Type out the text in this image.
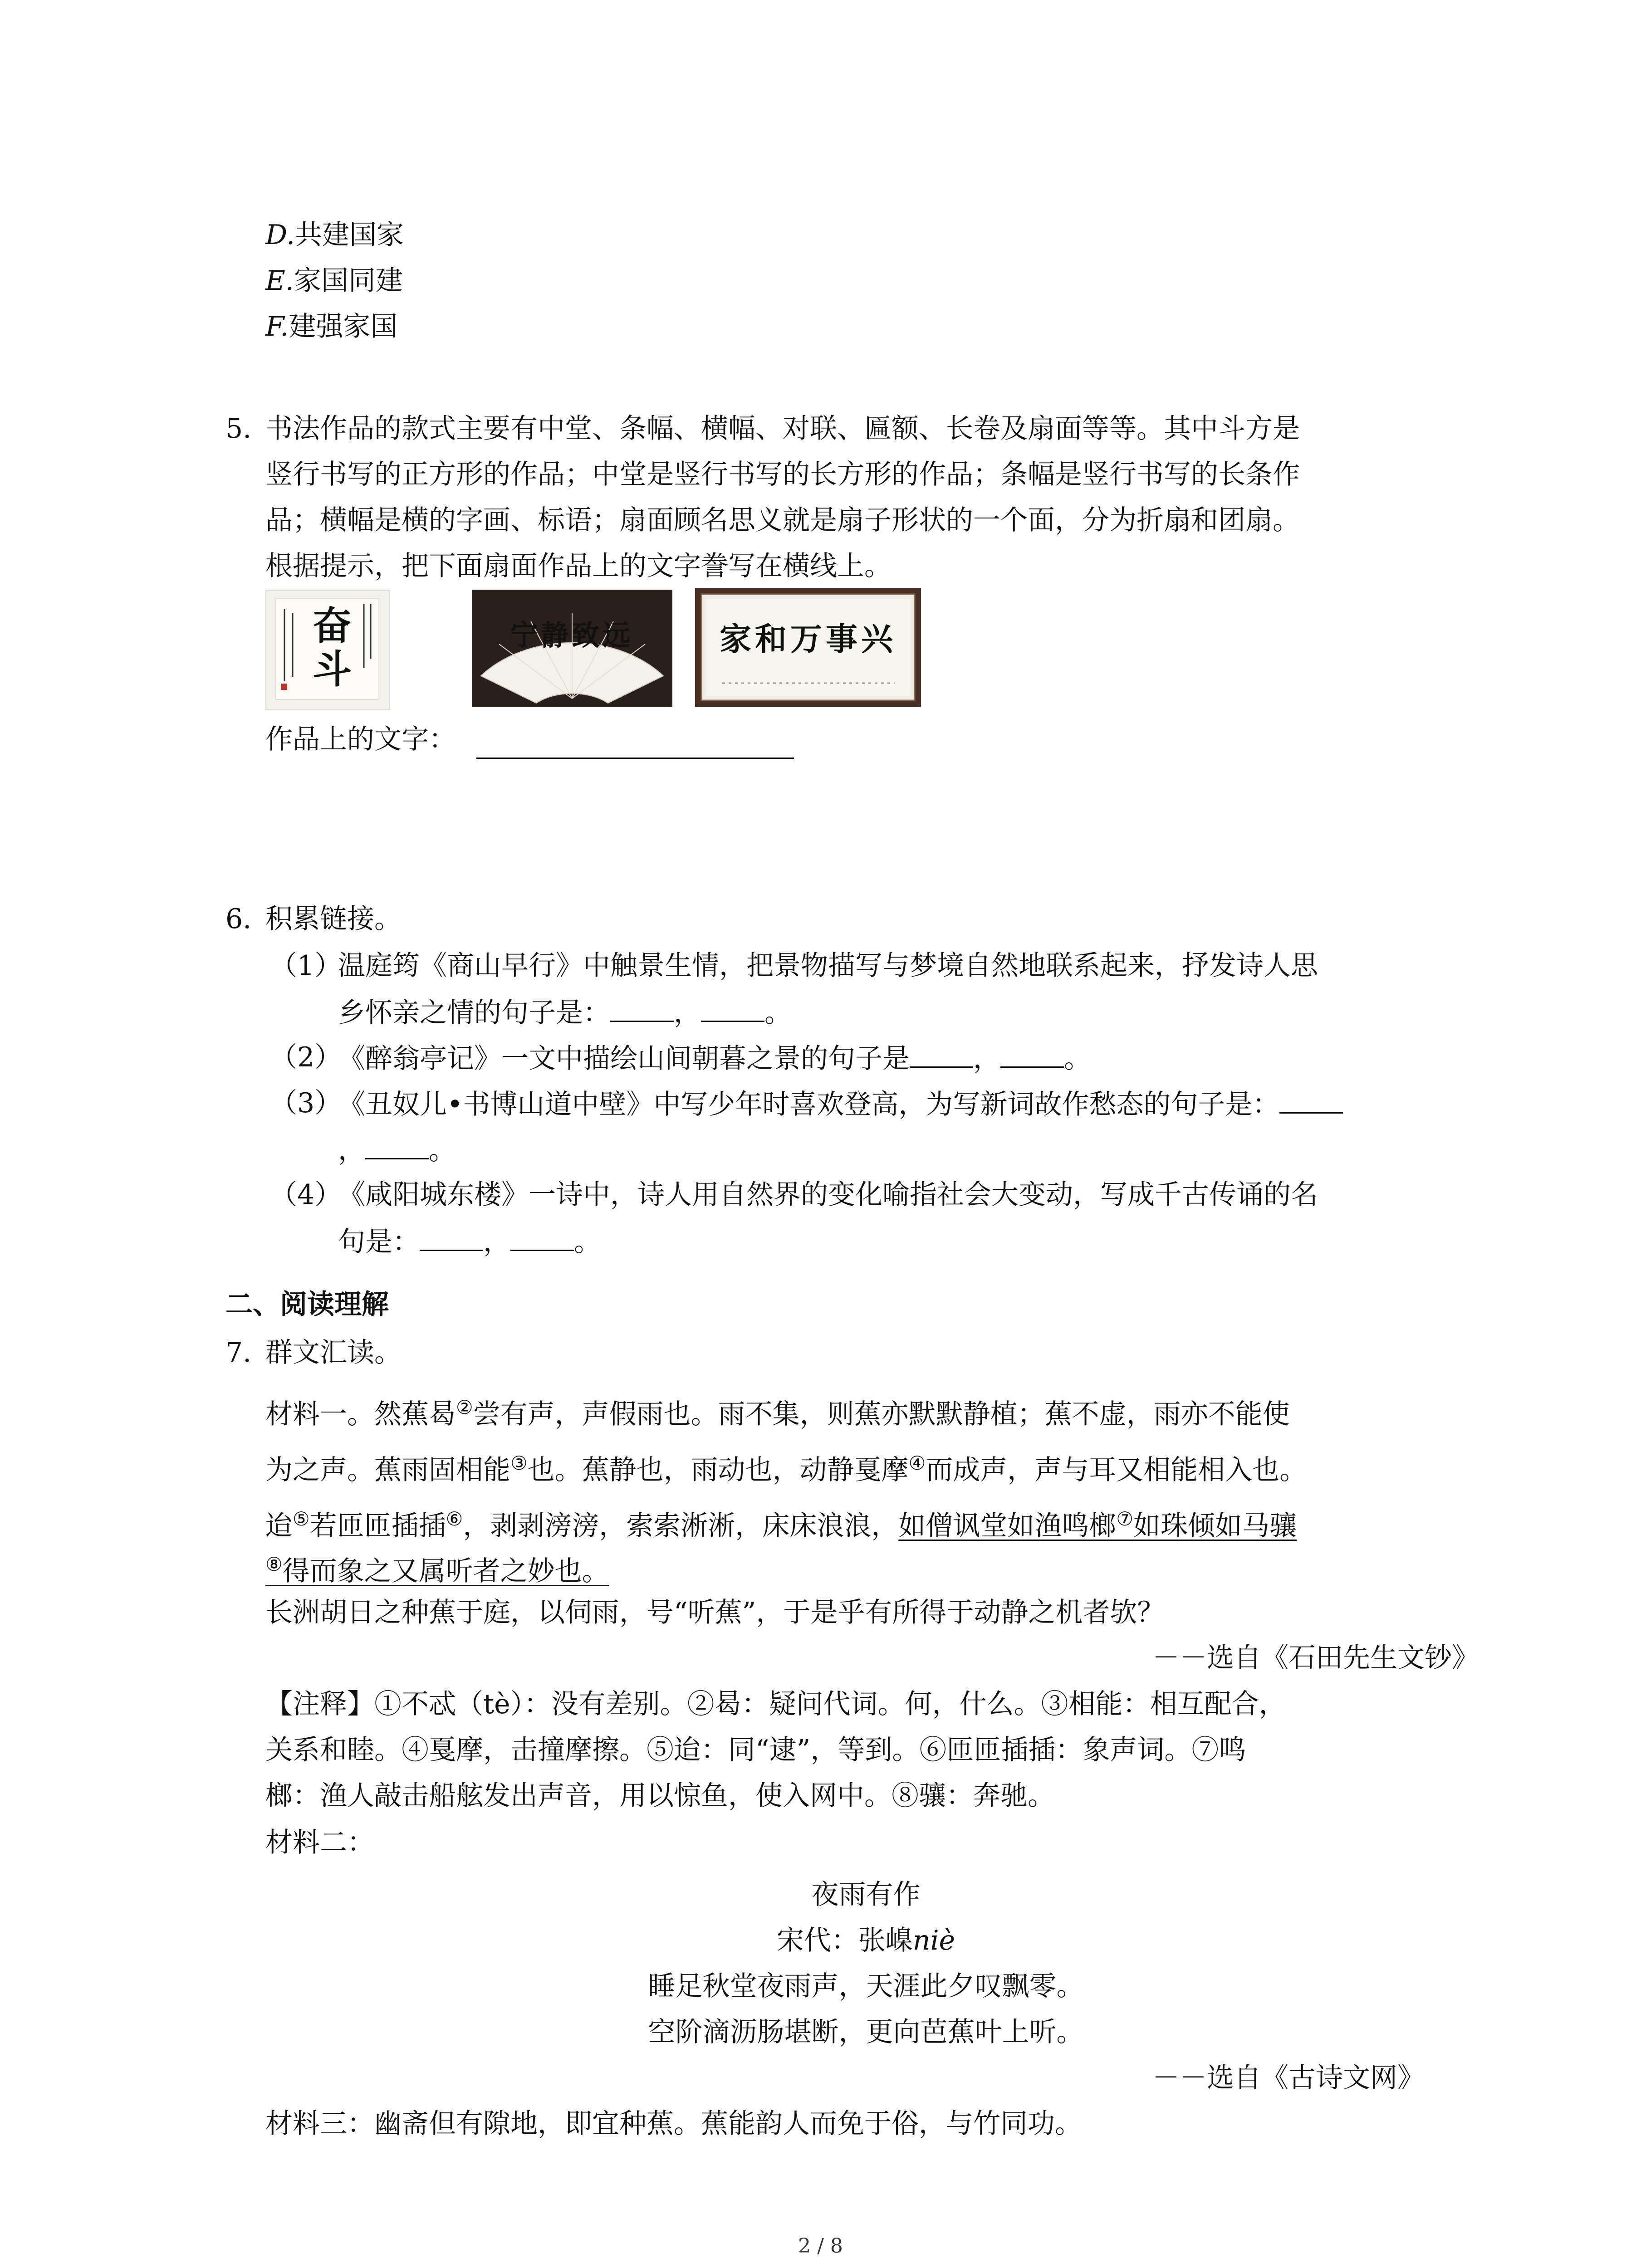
D.共建国家
E.家国同建
F.建强家国
5. 书法作品的款式主要有中堂、条幅、横幅、对联、匾额、长卷及扇面等等。其中斗方是
竖行书写的正方形的作品；中堂是竖行书写的长方形的作品；条幅是竖行书写的长条作
品；横幅是横的字画、标语；扇面顾名思义就是扇子形状的一个面，分为折扇和团扇。
根据提示，把下面扇面作品上的文字誊写在横线上。
奋斗
宁静致远	家和万事兴
作品上的文字：
6. 积累链接。
（1）
温庭筠《商山早行》中触景生情，把景物描写与梦境自然地联系起来，抒发诗人思
乡怀亲之情的句子是： ， 。
（2）
《醉翁亭记》一文中描绘山间朝暮之景的句子是 ， 。
（3）
《丑奴儿•书博山道中壁》中写少年时喜欢登高，为写新词故作愁态的句子是：
， 。
（4）
《咸阳城东楼》一诗中，诗人用自然界的变化喻指社会大变动，写成千古传诵的名
句是： ， 。
二、阅读理解
7. 群文汇读。
材料一。然蕉曷②尝有声，声假雨也。雨不集，则蕉亦默默静植；蕉不虚，雨亦不能使
为之声。蕉雨固相能③也。蕉静也，雨动也，动静戛摩④而成声，声与耳又相能相入也。
迨⑤若匝匝插插⑥，剥剥滂滂，索索淅淅，床床浪浪，如僧讽堂如渔鸣榔⑦如珠倾如马骧
⑧得而象之又属听者之妙也。
长洲胡日之种蕉于庭，以伺雨，号“听蕉”，于是乎有所得于动静之机者欤？
－－选自《石田先生文钞》
【注释】①不忒（tè）：没有差别。②曷：疑问代词。何，什么。③相能：相互配合，
关系和睦。④戛摩，击撞摩擦。⑤迨：同“逮”，等到。⑥匝匝插插：象声词。⑦鸣
榔：渔人敲击船舷发出声音，用以惊鱼，使入网中。⑧骧：奔驰。
材料二：
夜雨有作
宋代：张嵲niè
睡足秋堂夜雨声，天涯此夕叹飘零。
空阶滴沥肠堪断，更向芭蕉叶上听。
－－选自《古诗文网》
材料三：幽斋但有隙地，即宜种蕉。蕉能韵人而免于俗，与竹同功。
2 / 8
